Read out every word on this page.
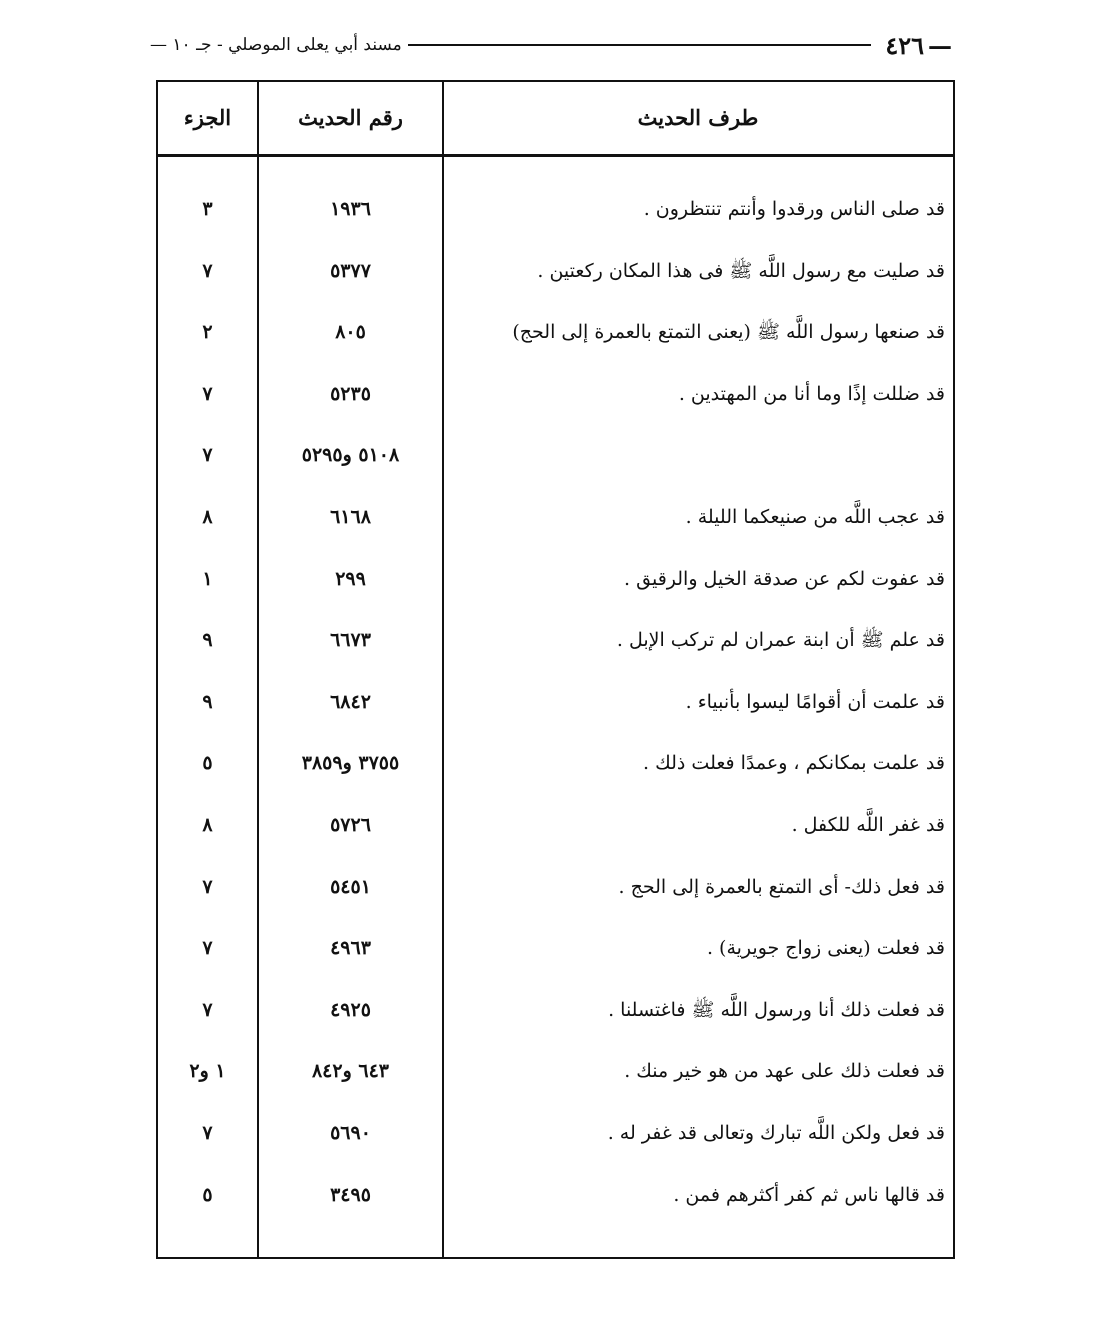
— ٤٢٦
مسند أبي يعلى الموصلي - جـ ١٠ —
طرف الحديث
رقم الحديث
الجزء
قد صلى الناس ورقدوا وأنتم تنتظرون .
١٩٣٦
٣
قد صليت مع رسول اللَّه ﷺ فى هذا المكان ركعتين .
٥٣٧٧
٧
قد صنعها رسول اللَّه ﷺ (يعنى التمتع بالعمرة إلى الحج)
٨٠٥
٢
قد ضللت إذًا وما أنا من المهتدين .
٥٢٣٥
٧
٥١٠٨ و٥٢٩٥
٧
قد عجب اللَّه من صنيعكما الليلة .
٦١٦٨
٨
قد عفوت لكم عن صدقة الخيل والرقيق .
٢٩٩
١
قد علم ﷺ أن ابنة عمران لم تركب الإبل .
٦٦٧٣
٩
قد علمت أن أقوامًا ليسوا بأنبياء .
٦٨٤٢
٩
قد علمت بمكانكم ، وعمدًا فعلت ذلك .
٣٧٥٥ و٣٨٥٩
٥
قد غفر اللَّه للكفل .
٥٧٢٦
٨
قد فعل ذلك- أى التمتع بالعمرة إلى الحج .
٥٤٥١
٧
قد فعلت (يعنى زواج جويرية) .
٤٩٦٣
٧
قد فعلت ذلك أنا ورسول اللَّه ﷺ فاغتسلنا .
٤٩٢٥
٧
قد فعلت ذلك على عهد من هو خير منك .
٦٤٣ و٨٤٢
١ و٢
قد فعل ولكن اللَّه تبارك وتعالى قد غفر له .
٥٦٩٠
٧
قد قالها ناس ثم كفر أكثرهم فمن .
٣٤٩٥
٥
